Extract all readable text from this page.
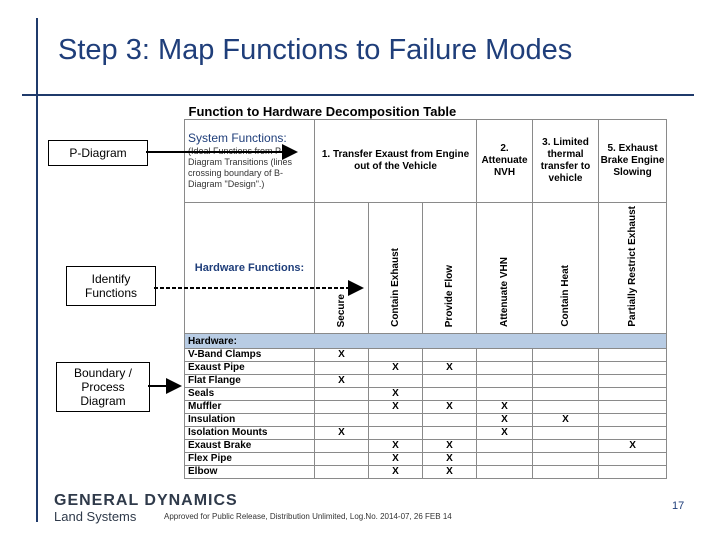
Step 3: Map Functions to Failure Modes
P-Diagram
Identify Functions
Boundary / Process Diagram
Function to Hardware Decomposition Table						

System Functions:
(Ideal Functions from P-Diagram Transitions (lines crossing boundary of B-Diagram "Design".)	1. Transfer Exaust from Engine out of the Vehicle			2. Attenuate NVH	3. Limited thermal transfer to vehicle	5. Exhaust Brake Engine Slowing
Hardware Functions:	Secure	Contain Exhaust	Provide Flow	Attenuate VHN	Contain Heat	Partially Restrict Exhaust
Hardware:						
V-Band Clamps	X					
Exaust Pipe		X	X			
Flat Flange	X					
Seals		X				
Muffler		X	X	X		
Insulation				X	X	
Isolation Mounts	X			X		
Exaust Brake		X	X			X
Flex Pipe		X	X			
Elbow		X	X			
GENERAL DYNAMICS
Land Systems	Approved for Public Release, Distribution Unlimited, Log.No. 2014-07, 26 FEB 14
17
